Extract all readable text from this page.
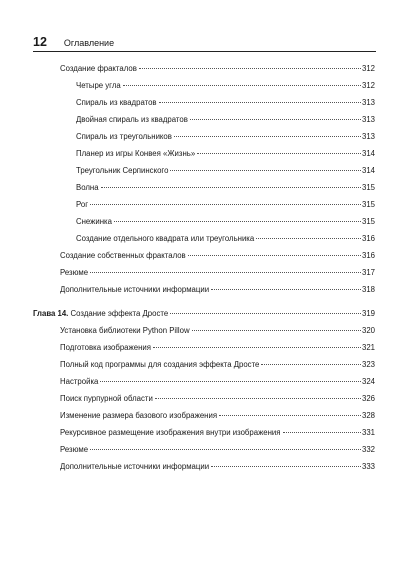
12 Оглавление
Создание фракталов	312
Четыре угла	312
Спираль из квадратов	313
Двойная спираль из квадратов	313
Спираль из треугольников	313
Планер из игры Конвея «Жизнь»	314
Треугольник Серпинского	314
Волна	315
Рог	315
Снежинка	315
Создание отдельного квадрата или треугольника	316
Создание собственных фракталов	316
Резюме	317
Дополнительные источники информации	318
Глава 14. Создание эффекта Дросте	319
Установка библиотеки Python Pillow	320
Подготовка изображения	321
Полный код программы для создания эффекта Дросте	323
Настройка	324
Поиск пурпурной области	326
Изменение размера базового изображения	328
Рекурсивное размещение изображения внутри изображения	331
Резюме	332
Дополнительные источники информации	333
